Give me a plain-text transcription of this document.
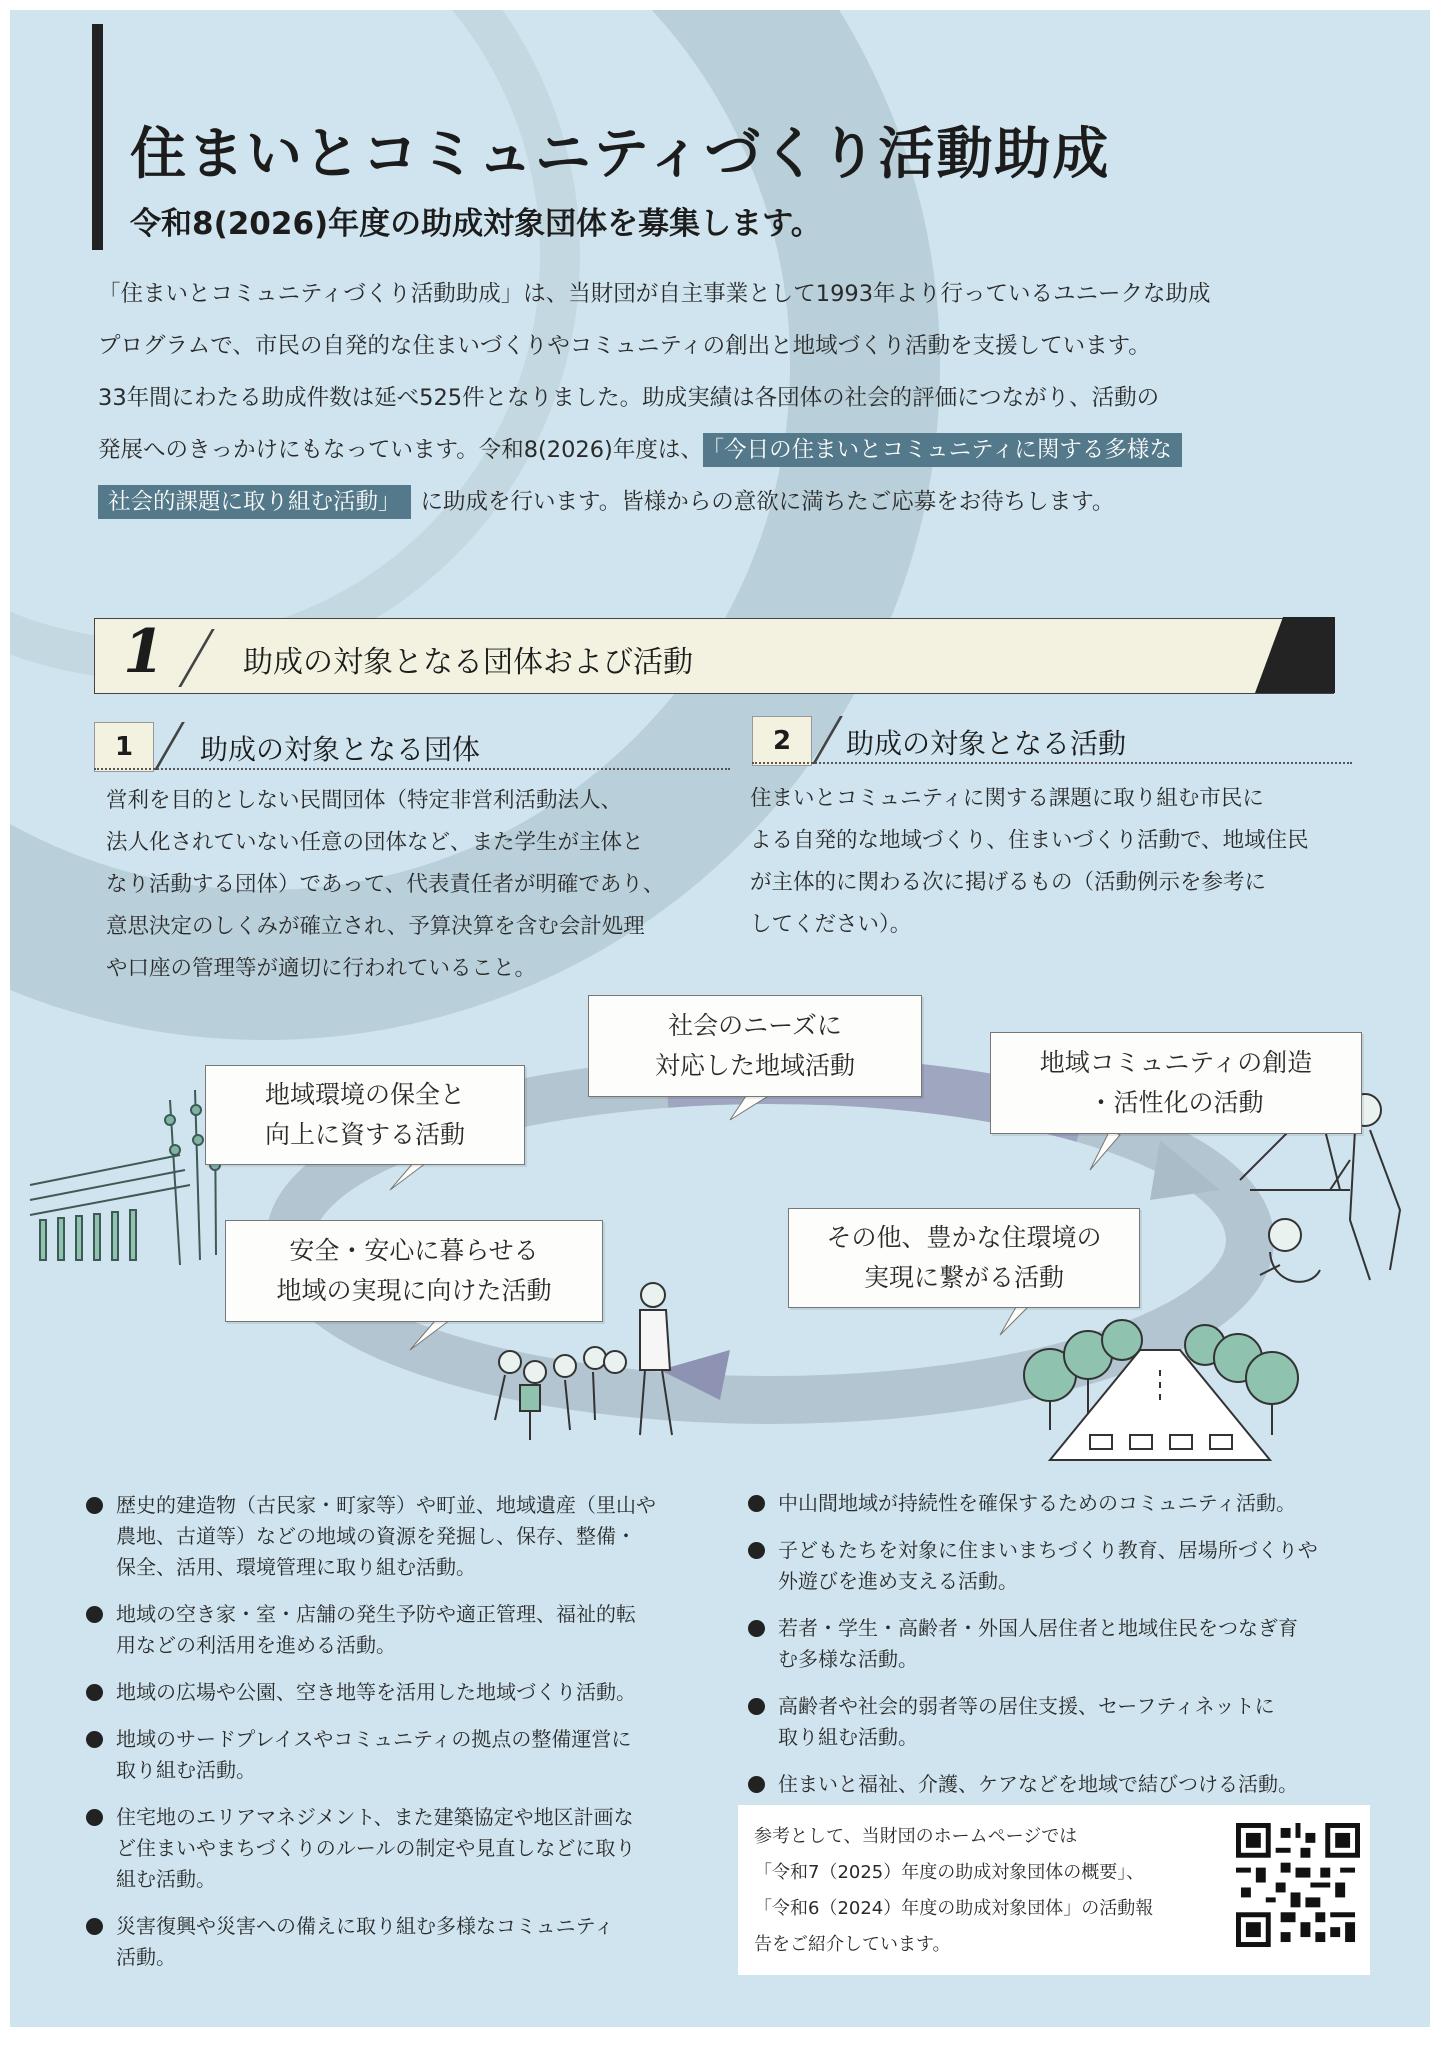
住まいとコミュニティづくり活動助成
令和8(2026)年度の助成対象団体を募集します。

「住まいとコミュニティづくり活動助成」は、当財団が自主事業として1993年より行っているユニークな助成

プログラムで、市民の自発的な住まいづくりやコミュニティの創出と地域づくり活動を支援しています。

33年間にわたる助成件数は延べ525件となりました。助成実績は各団体の社会的評価につながり、活動の

発展へのきっかけにもなっています。令和8(2026)年度は、 「今日の住まいとコミュニティに関する多様な

社会的課題に取り組む活動」 に助成を行います。皆様からの意欲に満ちたご応募をお待ちします。

1	助成の対象となる団体および活動
1	助成の対象となる団体

営利を目的としない民間団体（特定非営利活動法人、

法人化されていない任意の団体など、また学生が主体と

なり活動する団体）であって、代表責任者が明確であり、

意思決定のしくみが確立され、予算決算を含む会計処理

や口座の管理等が適切に行われていること。

2	助成の対象となる活動

住まいとコミュニティに関する課題に取り組む市民に

よる自発的な地域づくり、住まいづくり活動で、地域住民

が主体的に関わる次に掲げるもの（活動例示を参考に

してください）。

社会のニーズに
対応した地域活動
地域環境の保全と
向上に資する活動
地域コミュニティの創造
・活性化の活動
安全・安心に暮らせる
地域の実現に向けた活動
その他、豊かな住環境の
実現に繋がる活動

歴史的建造物（古民家・町家等）や町並、地域遺産（里山や

農地、古道等）などの地域の資源を発掘し、保存、整備・

保全、活用、環境管理に取り組む活動。

地域の空き家・室・店舗の発生予防や適正管理、福祉的転

用などの利活用を進める活動。

地域の広場や公園、空き地等を活用した地域づくり活動。

地域のサードプレイスやコミュニティの拠点の整備運営に

取り組む活動。

住宅地のエリアマネジメント、また建築協定や地区計画な

ど住まいやまちづくりのルールの制定や見直しなどに取り

組む活動。

災害復興や災害への備えに取り組む多様なコミュニティ

活動。

中山間地域が持続性を確保するためのコミュニティ活動。

子どもたちを対象に住まいまちづくり教育、居場所づくりや

外遊びを進め支える活動。

若者・学生・高齢者・外国人居住者と地域住民をつなぎ育

む多様な活動。

高齢者や社会的弱者等の居住支援、セーフティネットに

取り組む活動。

住まいと福祉、介護、ケアなどを地域で結びつける活動。

参考として、当財団のホームページでは

「令和7（2025）年度の助成対象団体の概要」、

「令和6（2024）年度の助成対象団体」の活動報

告をご紹介しています。
